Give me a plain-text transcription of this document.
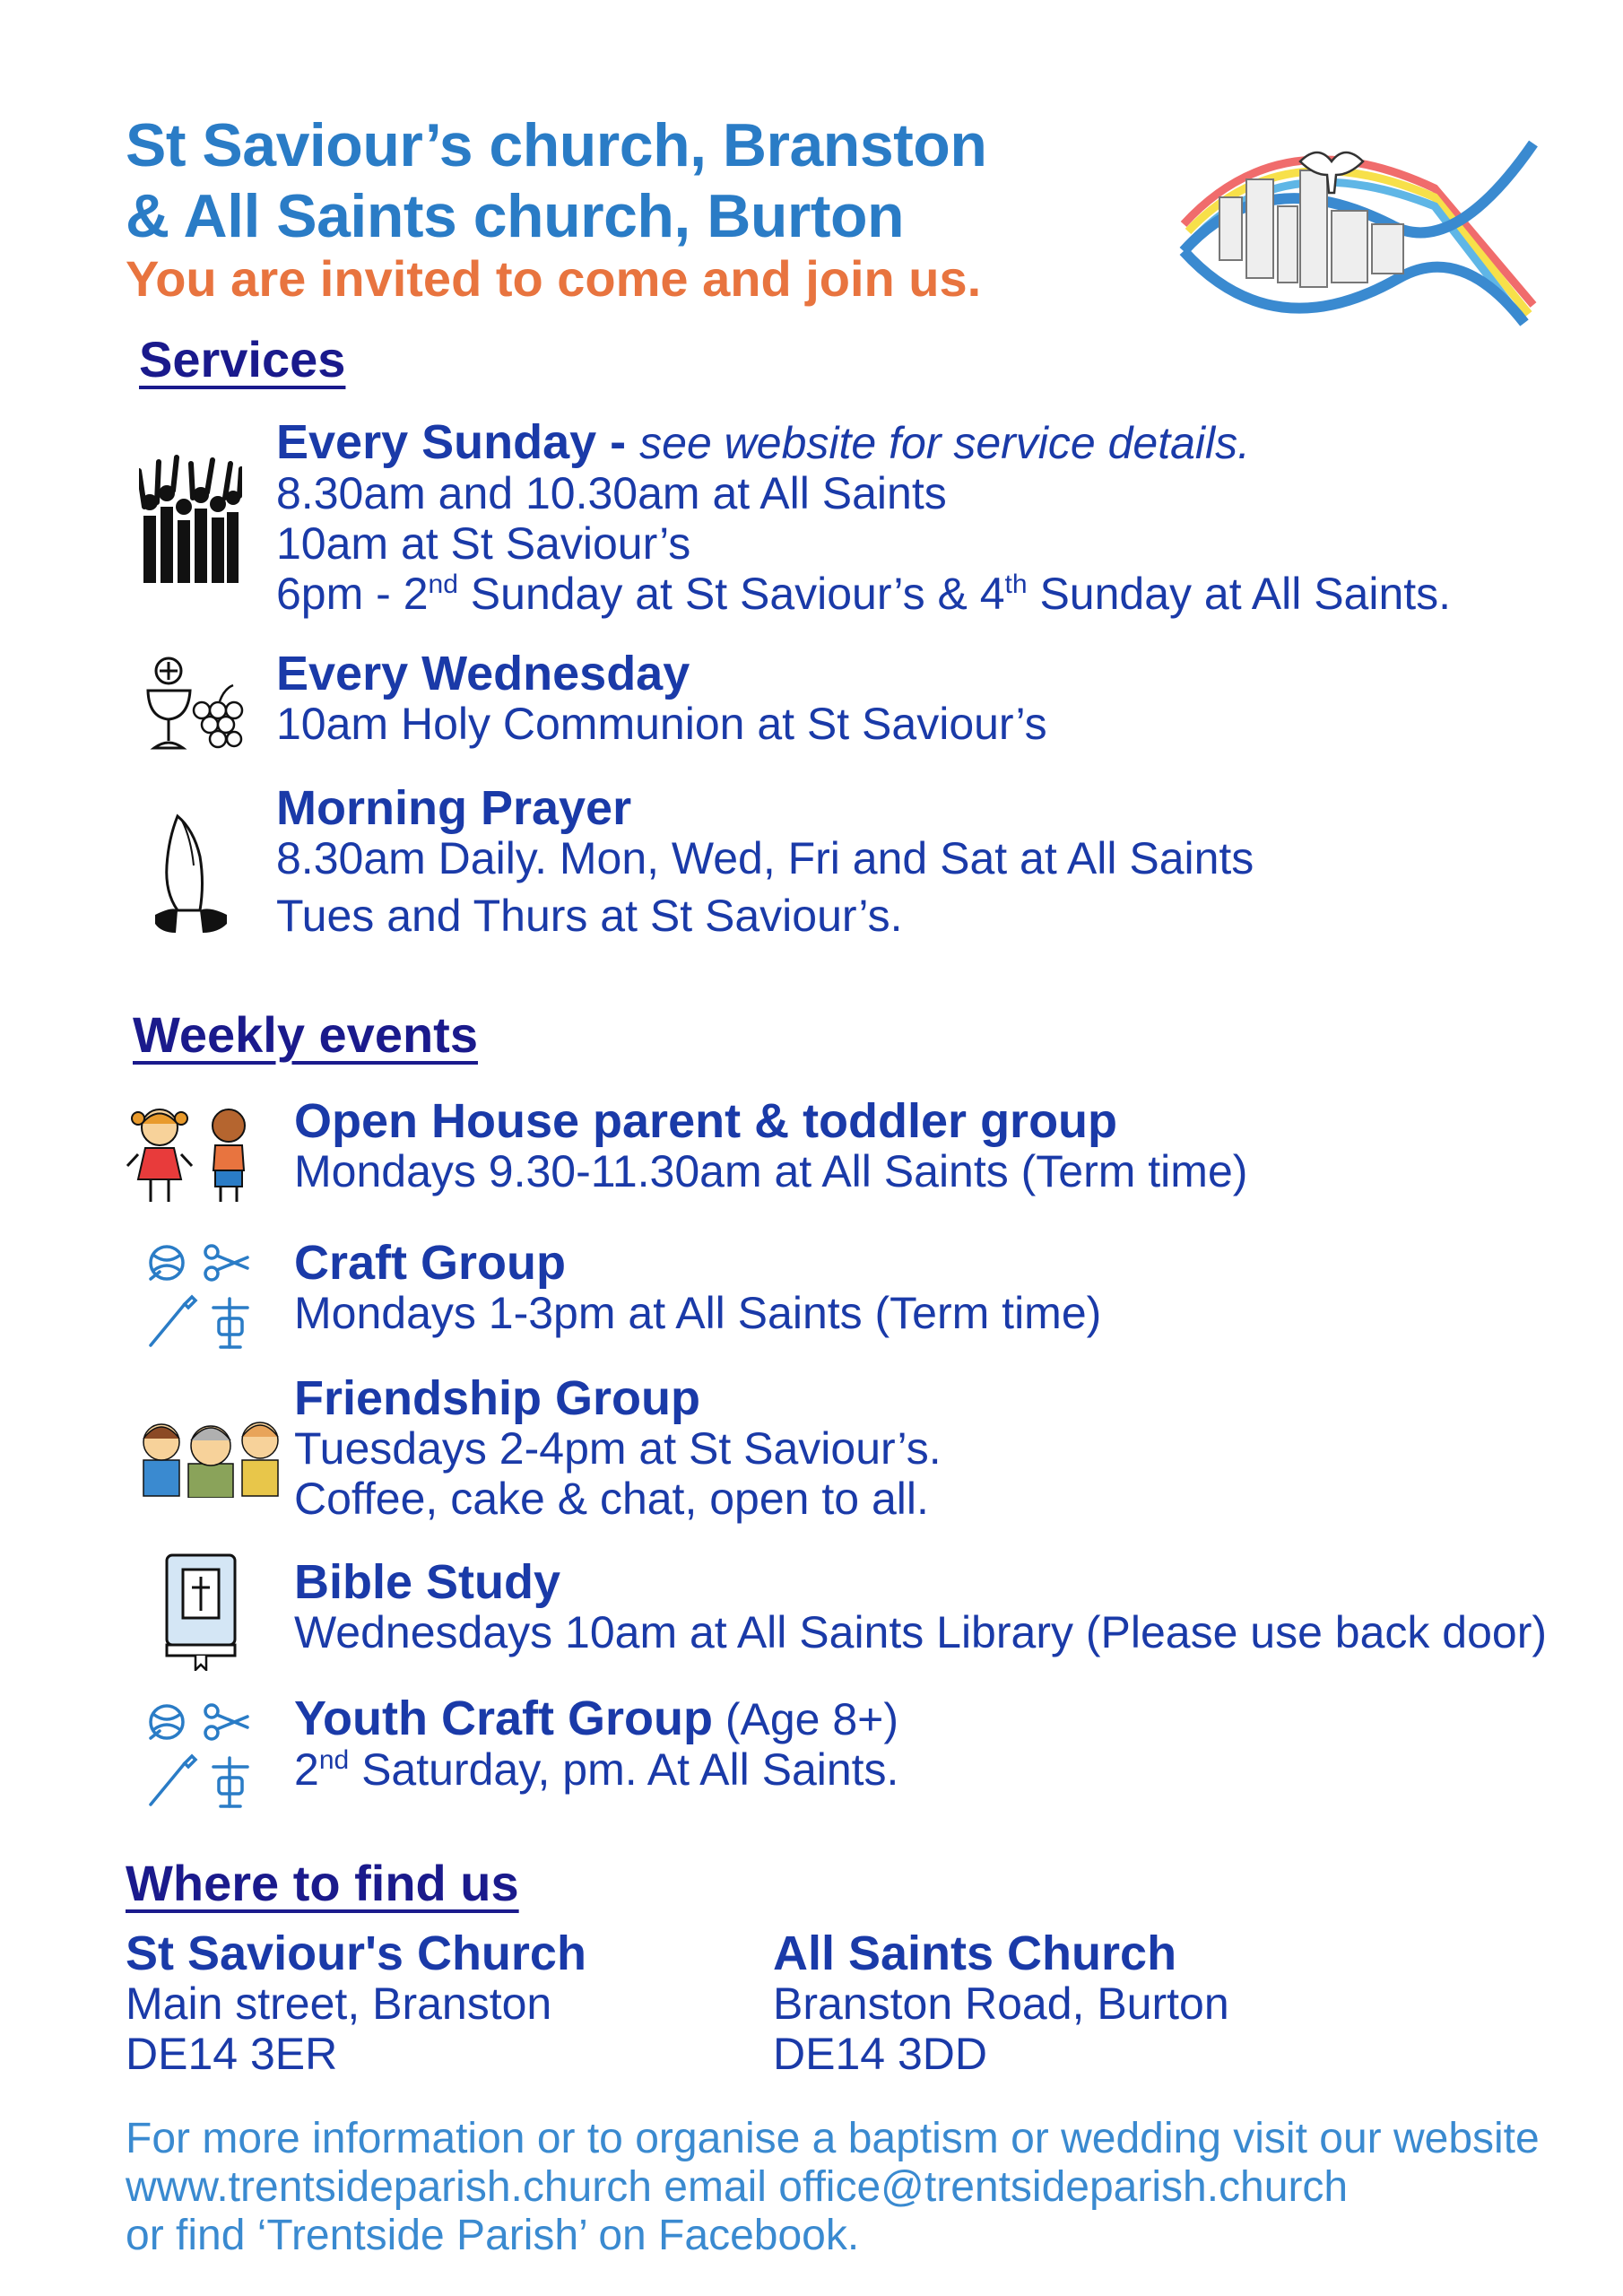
St Saviour’s church, Branston
& All Saints church, Burton
You are invited to come and join us.
Services
Every Sunday - see website for service details.
8.30am and 10.30am at All Saints
10am at St Saviour’s
6pm - 2nd Sunday at St Saviour’s & 4th Sunday at All Saints.
Every Wednesday
10am Holy Communion at St Saviour’s
Morning Prayer
8.30am Daily. Mon, Wed, Fri and Sat at All Saints
Tues and Thurs at St Saviour’s.
Weekly events
Open House parent & toddler group
Mondays 9.30-11.30am at All Saints (Term time)
Craft Group
Mondays 1-3pm at All Saints (Term time)
Friendship Group
Tuesdays 2-4pm at St Saviour’s.
Coffee, cake & chat, open to all.
Bible Study
Wednesdays 10am at All Saints Library (Please use back door)
Youth Craft Group (Age 8+)
2nd Saturday, pm. At All Saints.
Where to find us
St Saviour's Church
Main street, Branston
DE14 3ER
All Saints Church
Branston Road, Burton
DE14 3DD
For more information or to organise a baptism or wedding visit our website
www.trentsideparish.church email office@trentsideparish.church
or find ‘Trentside Parish’ on Facebook.
